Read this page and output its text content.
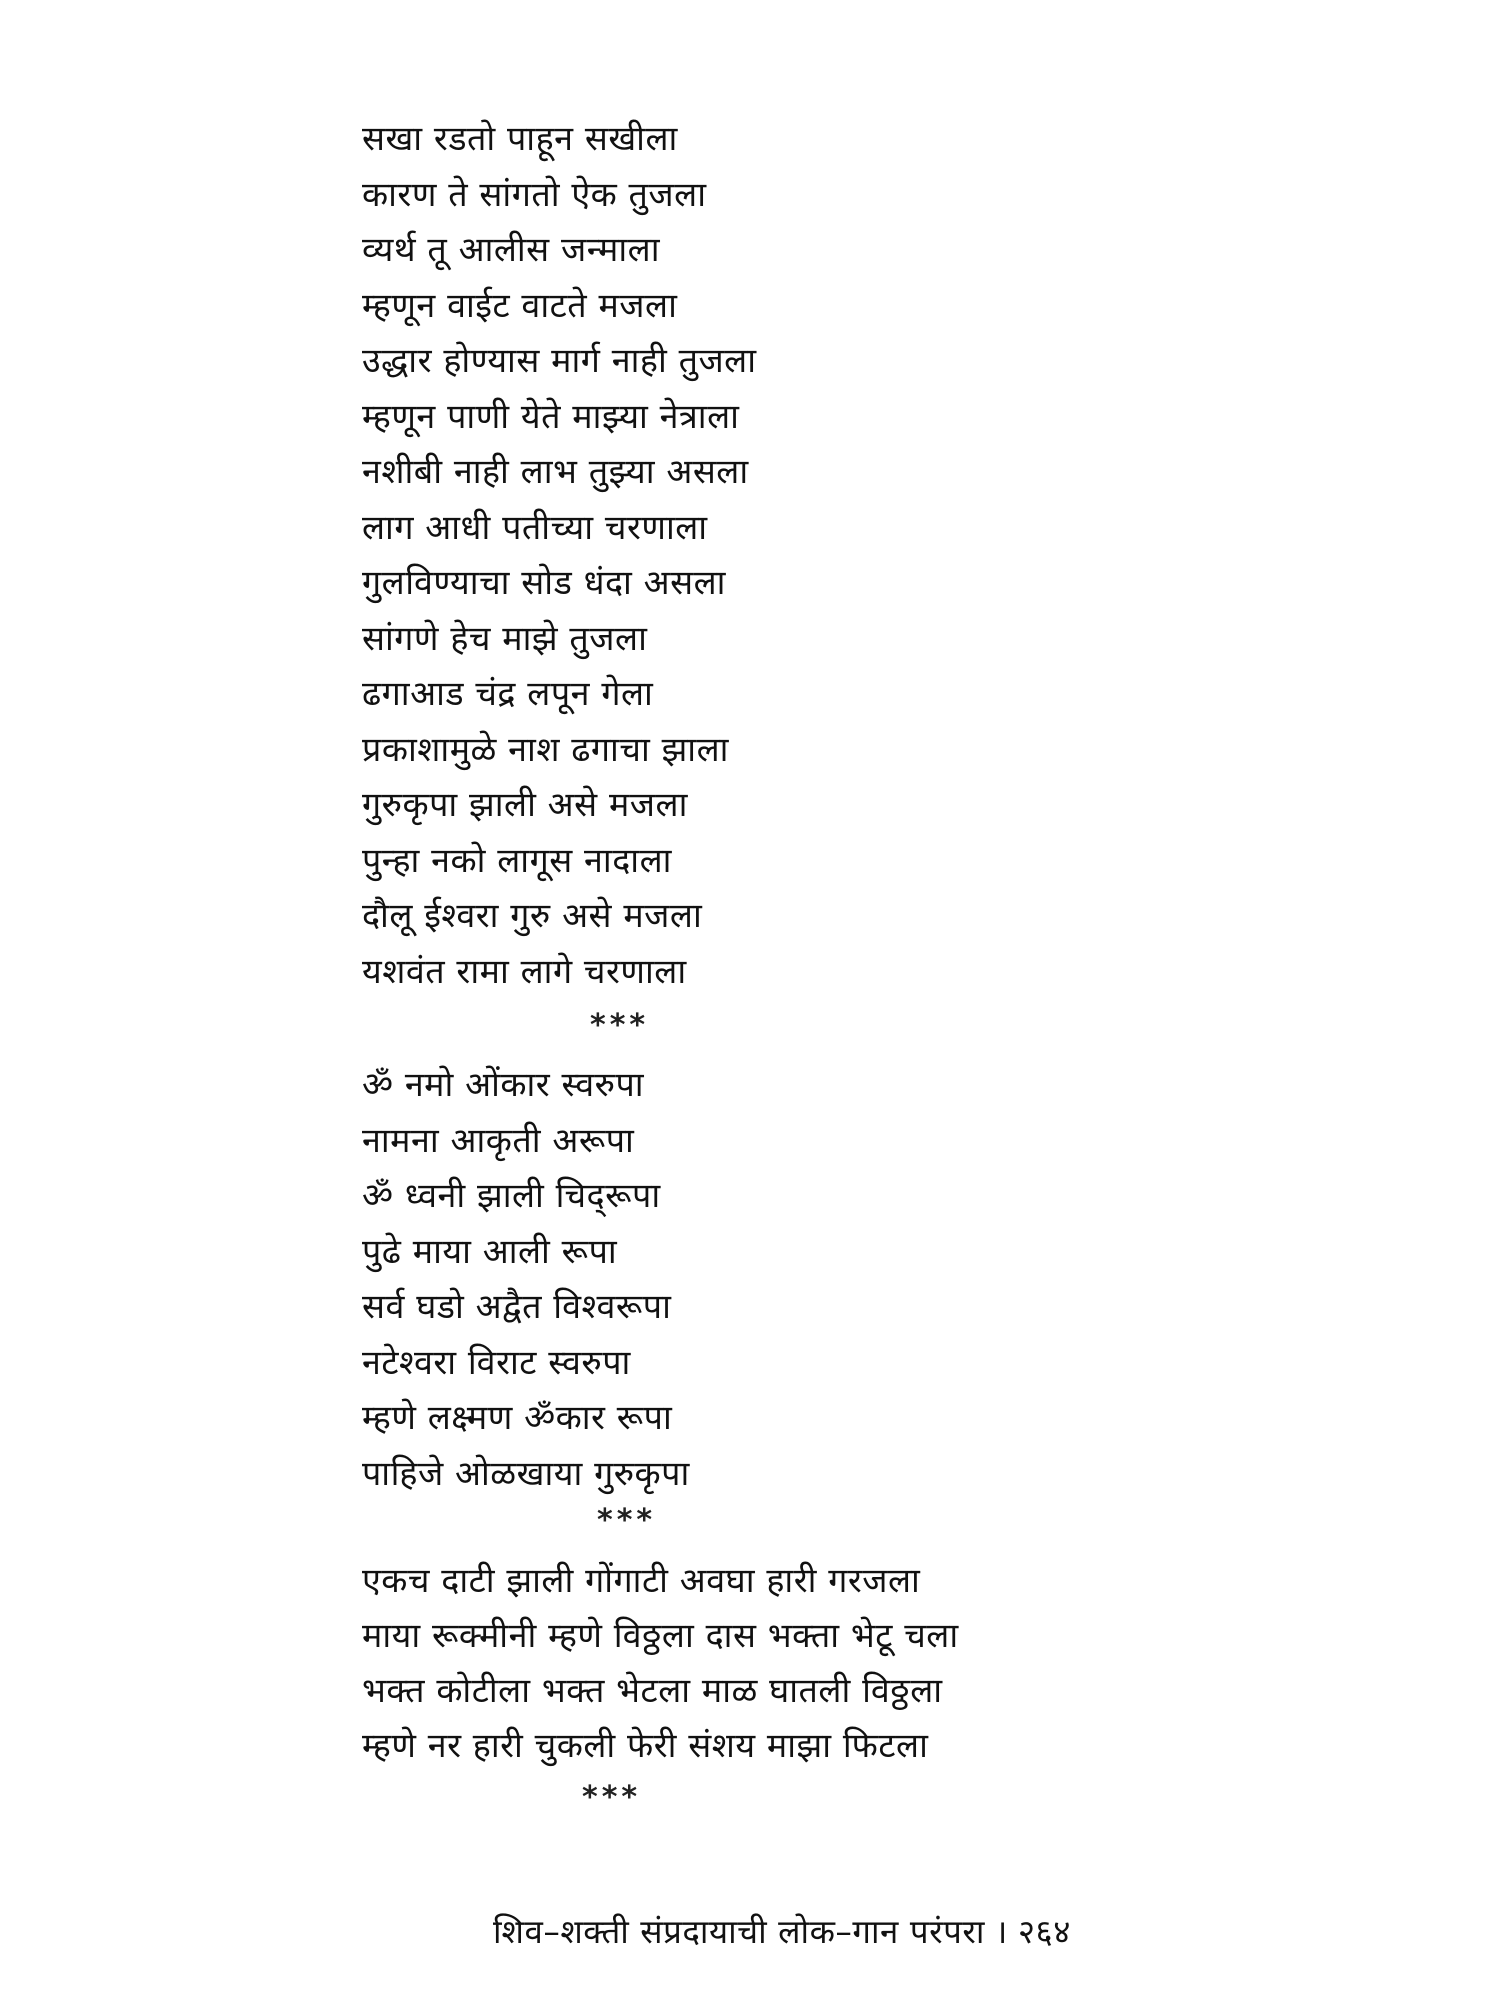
सखा रडतो पाहून सखीला
कारण ते सांगतो ऐक तुजला
व्यर्थ तू आलीस जन्माला
म्हणून वाईट वाटते मजला
उद्धार होण्यास मार्ग नाही तुजला
म्हणून पाणी येते माझ्या नेत्राला
नशीबी नाही लाभ तुझ्या असला
लाग आधी पतीच्या चरणाला
गुलविण्याचा सोड धंदा असला
सांगणे हेच माझे तुजला
ढगाआड चंद्र लपून गेला
प्रकाशामुळे नाश ढगाचा झाला
गुरुकृपा झाली असे मजला
पुन्हा नको लागूस नादाला
दौलू ईश्वरा गुरु असे मजला
यशवंत रामा लागे चरणाला
***
ॐ नमो ओंकार स्वरुपा
नामना आकृती अरूपा
ॐ ध्वनी झाली चिद्‌रूपा
पुढे माया आली रूपा
सर्व घडो अद्वैत विश्वरूपा
नटेश्वरा विराट स्वरुपा
म्हणे लक्ष्मण ॐकार रूपा
पाहिजे ओळखाया गुरुकृपा
***
एकच दाटी झाली गोंगाटी अवघा हारी गरजला
माया रूक्मीनी म्हणे विठ्ठला दास भक्ता भेटू चला
भक्त कोटीला भक्त भेटला माळ घातली विठ्ठला
म्हणे नर हारी चुकली फेरी संशय माझा फिटला
***
शिव–शक्ती संप्रदायाची लोक–गान परंपरा । २६४
